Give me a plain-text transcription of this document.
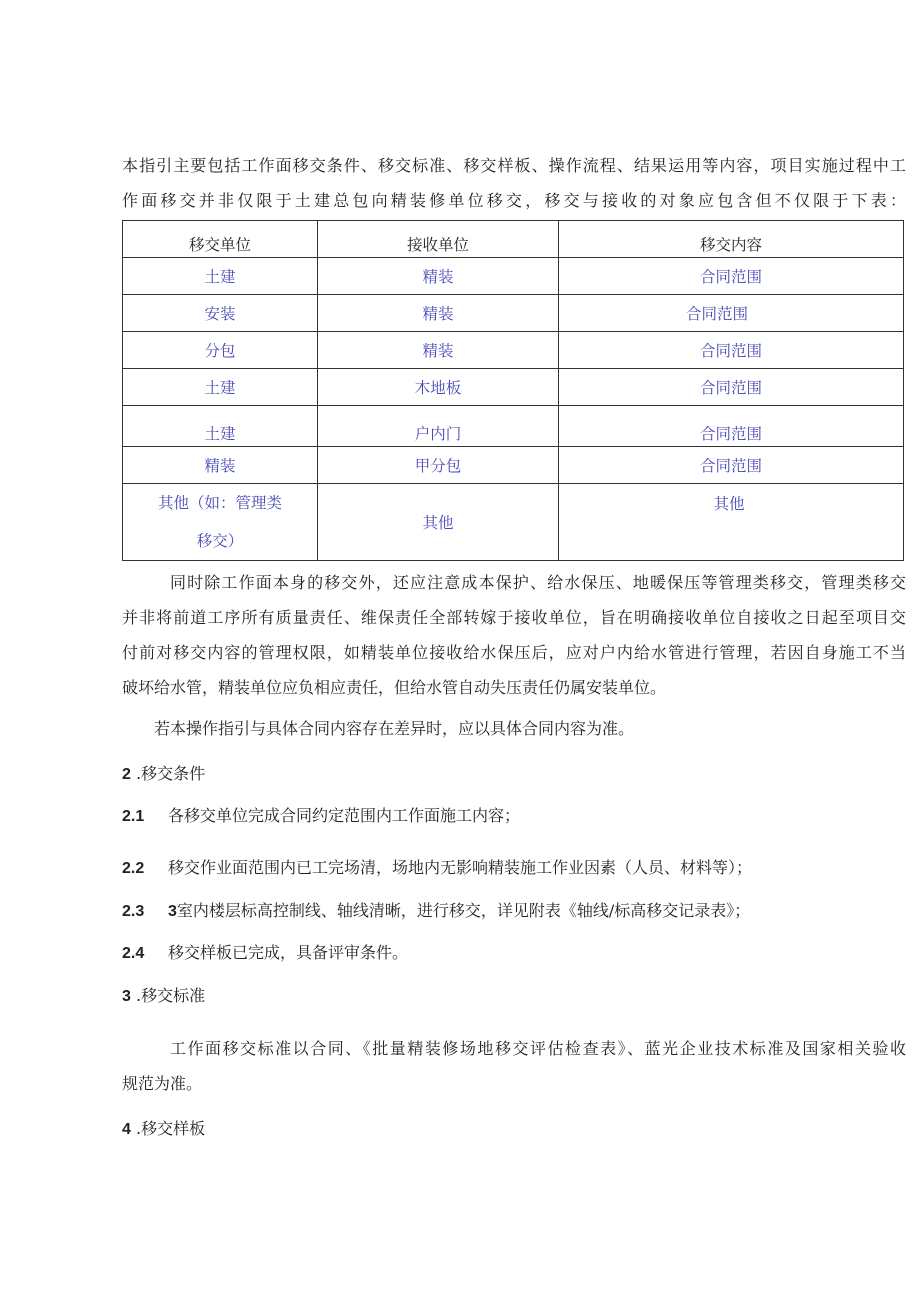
本指引主要包括工作面移交条件、移交标准、移交样板、操作流程、结果运用等内容，项目实施过程中工
作面移交并非仅限于土建总包向精装修单位移交，移交与接收的对象应包含但不仅限于下表：
移交单位	接收单位	移交内容
土建	精装	合同范围
安装	精装	合同范围
分包	精装	合同范围
土建	木地板	合同范围
土建	户内门	合同范围
精装	甲分包	合同范围

其他（如：管理类
移交）	其他	其他
同时除工作面本身的移交外，还应注意成本保护、给水保压、地暖保压等管理类移交，管理类移交
并非将前道工序所有质量责任、维保责任全部转嫁于接收单位，旨在明确接收单位自接收之日起至项目交
付前对移交内容的管理权限，如精装单位接收给水保压后，应对户内给水管进行管理，若因自身施工不当
破坏给水管，精装单位应负相应责任，但给水管自动失压责任仍属安装单位。
若本操作指引与具体合同内容存在差异时，应以具体合同内容为准。
2 .移交条件
2.1 各移交单位完成合同约定范围内工作面施工内容；
2.2 移交作业面范围内已工完场清，场地内无影响精装施工作业因素（人员、材料等）；
2.3 3室内楼层标高控制线、轴线清晰，进行移交，详见附表《轴线/标高移交记录表》；
2.4 移交样板已完成，具备评审条件。
3 .移交标准
工作面移交标准以合同、《批量精装修场地移交评估检查表》、蓝光企业技术标准及国家相关验收
规范为准。
4 .移交样板
